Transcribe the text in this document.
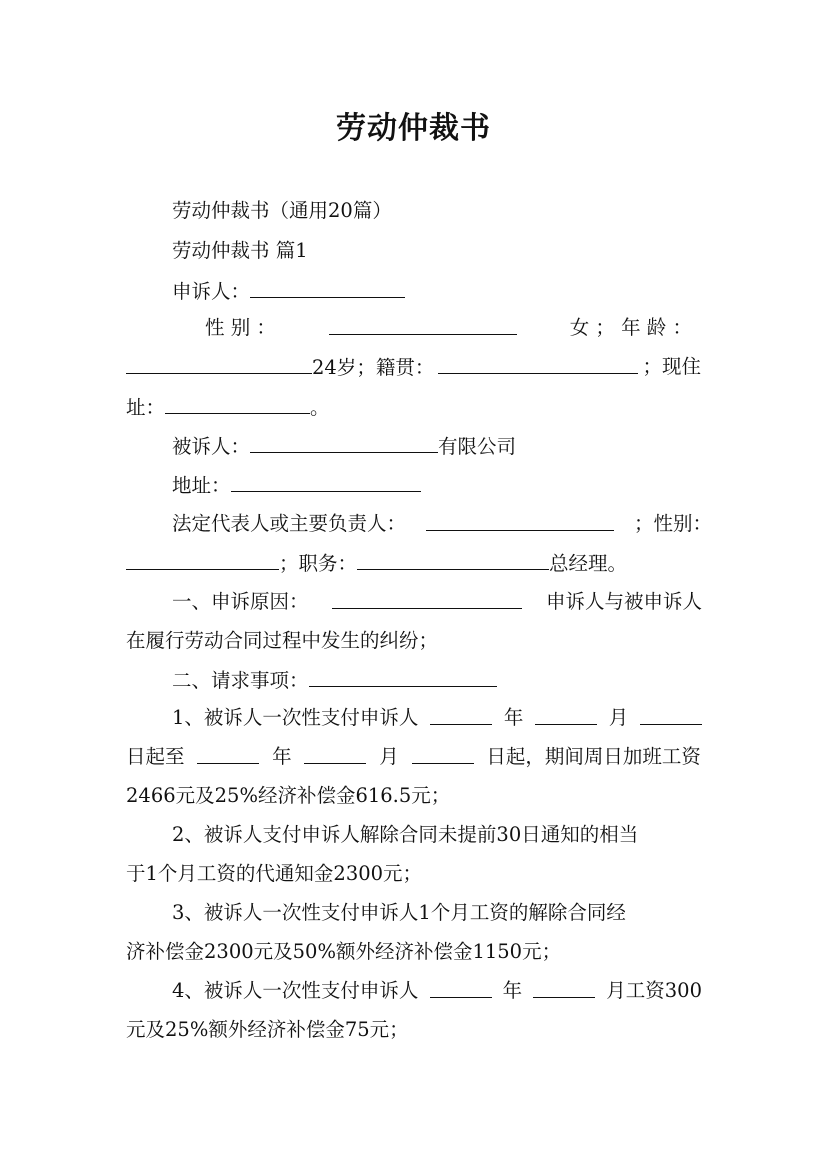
劳动仲裁书
劳动仲裁书（通用20篇）
劳动仲裁书 篇1
申诉人：
性 别 ：	女 ； 年 龄 ：
24岁；籍贯：	；现住
址：	。
被诉人：	有限公司
地址：
法定代表人或主要负责人：	；性别：
；职务：	总经理。
一、申诉原因：	申诉人与被申诉人
在履行劳动合同过程中发生的纠纷；
二、请求事项：
1、被诉人一次性支付申诉人	年	月
日起至	年	月	日起，期间周日加班工资
2466元及25%经济补偿金616.5元；
2、被诉人支付申诉人解除合同未提前30日通知的相当
于1个月工资的代通知金2300元；
3、被诉人一次性支付申诉人1个月工资的解除合同经
济补偿金2300元及50%额外经济补偿金1150元；
4、被诉人一次性支付申诉人	年	月工资300
元及25%额外经济补偿金75元；
